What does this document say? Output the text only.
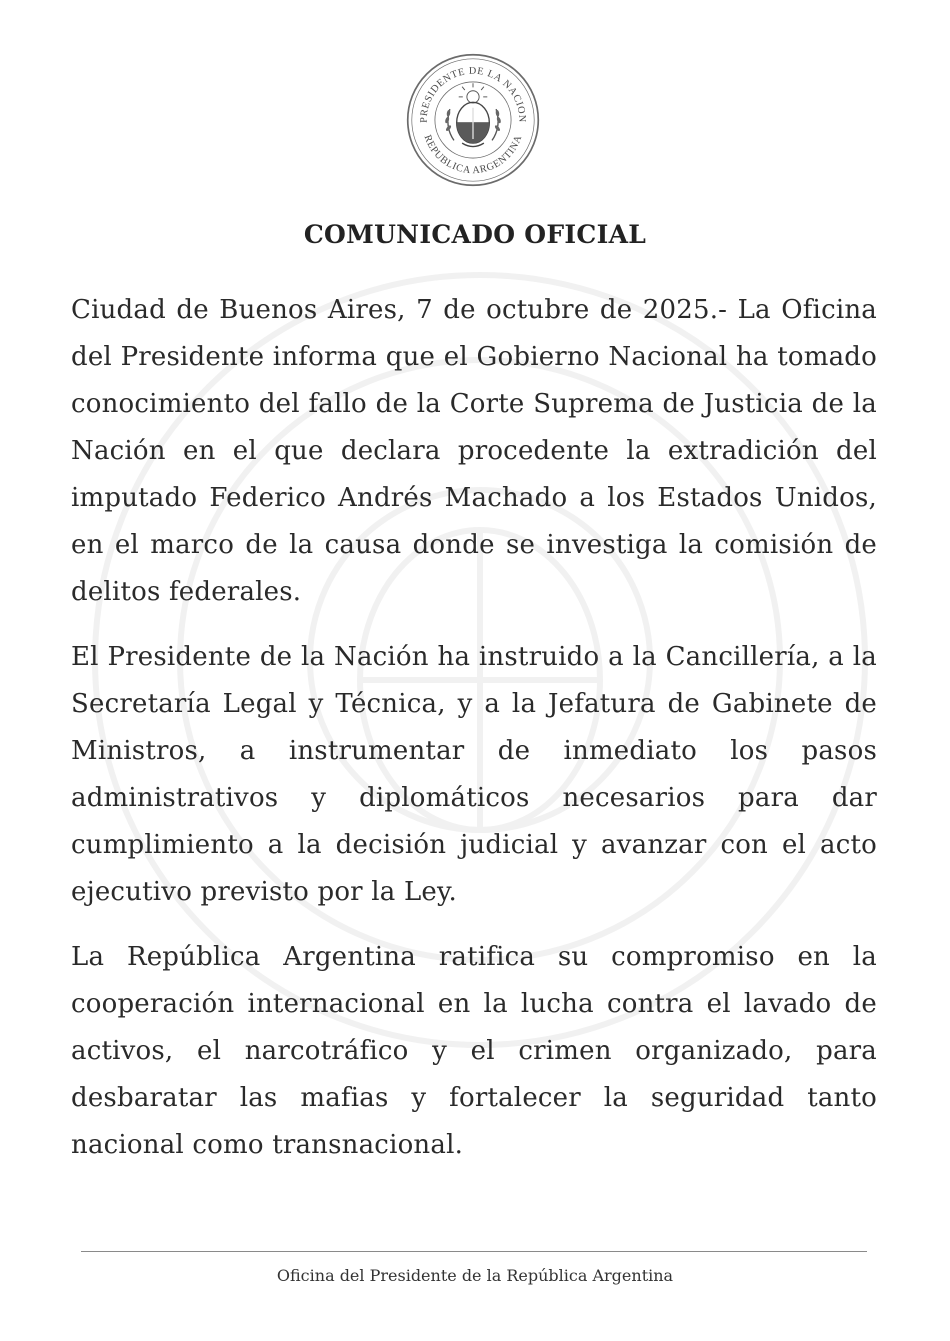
PRESIDENTE DE LA NACION
REPUBLICA ARGENTINA
COMUNICADO OFICIAL

Ciudad de Buenos Aires, 7 de octubre de 2025.- La Oficina del Presidente informa que el Gobierno Nacional ha tomado conocimiento del fallo de la Corte Suprema de Justicia de la Nación en el que declara procedente la extradición del imputado Federico Andrés Machado a los Estados Unidos, en el marco de la causa donde se investiga la comisión de delitos federales.

El Presidente de la Nación ha instruido a la Cancillería, a la Secretaría Legal y Técnica, y a la Jefatura de Gabinete de Ministros, a instrumentar de inmediato los pasos administrativos y diplomáticos necesarios para dar cumplimiento a la decisión judicial y avanzar con el acto ejecutivo previsto por la Ley.

La República Argentina ratifica su compromiso en la cooperación internacional en la lucha contra el lavado de activos, el narcotráfico y el crimen organizado, para desbaratar las mafias y fortalecer la seguridad tanto nacional como transnacional.

Oficina del Presidente de la República Argentina
